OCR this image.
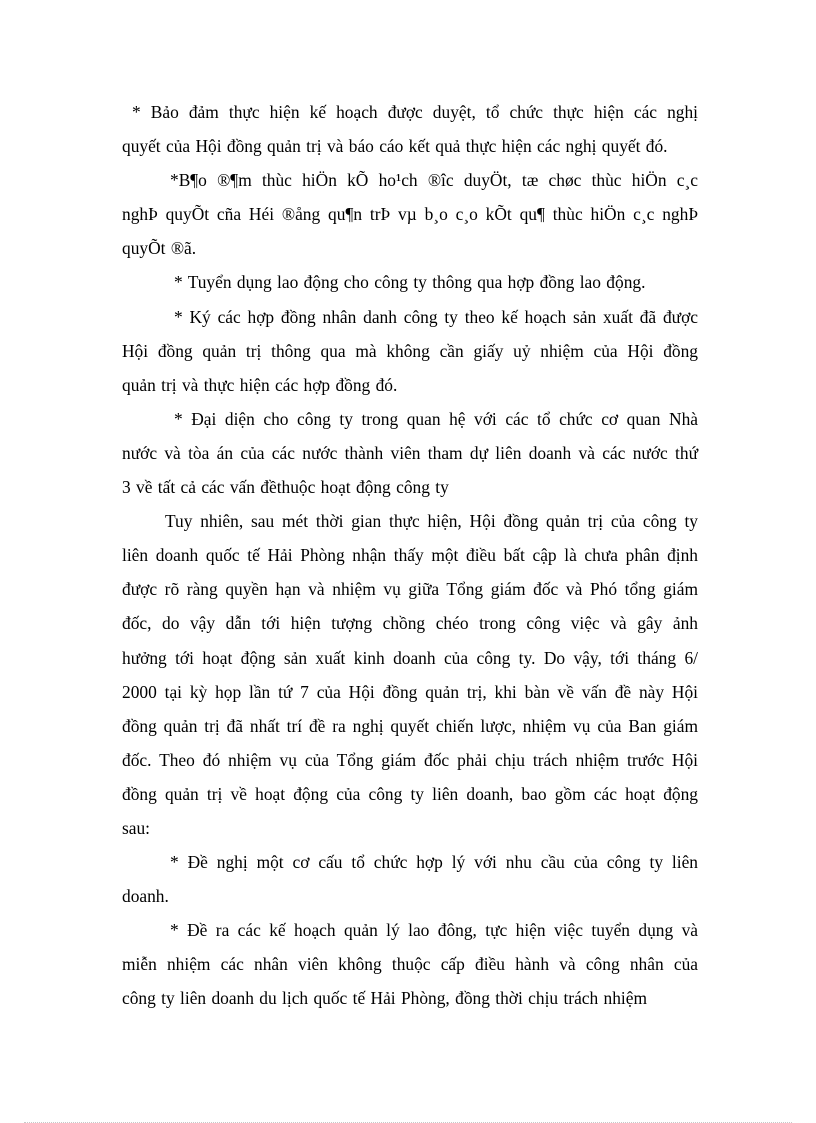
* Bảo đảm thực hiện kế hoạch được duyệt, tổ chức thực hiện các nghị
quyết của Hội đồng quản trị và báo cáo kết quả thực hiện các nghị quyết đó.

*B¶o ®¶m thùc hiÖn kÕ ho¹ch ®îc duyÖt, tæ chøc thùc hiÖn c¸c
nghÞ quyÕt cña Héi ®ång qu¶n trÞ vµ b¸o c¸o kÕt qu¶ thùc hiÖn c¸c nghÞ
quyÕt ®ã.

* Tuyển dụng lao động cho công ty thông qua hợp đồng lao động.

* Ký các hợp đồng nhân danh công ty theo kế hoạch sản xuất đã được
Hội đồng quản trị thông qua mà không cần giấy uỷ nhiệm của Hội đồng
quản trị và thực hiện các hợp đồng đó.

* Đại diện cho công ty trong quan hệ với các tổ chức cơ quan Nhà
nước và tòa án của các nước thành viên tham dự liên doanh và các nước thứ
3 về tất cả các vấn đềthuộc hoạt động công ty

Tuy nhiên, sau mét thời gian thực hiện, Hội đồng quản trị của công ty
liên doanh quốc tế Hải Phòng nhận thấy một điều bất cập là chưa phân định
được rõ ràng quyền hạn và nhiệm vụ giữa Tổng giám đốc và Phó tổng giám
đốc, do vậy dẫn tới hiện tượng chồng chéo trong công việc và gây ảnh
hưởng tới hoạt động sản xuất kinh doanh của công ty. Do vậy, tới tháng 6/
2000 tại kỳ họp lần tứ 7 của Hội đồng quản trị, khi bàn về vấn đề này Hội
đồng quản trị đã nhất trí đề ra nghị quyết chiến lược, nhiệm vụ của Ban giám
đốc. Theo đó nhiệm vụ của Tổng giám đốc phải chịu trách nhiệm trước Hội
đồng quản trị về hoạt động của công ty liên doanh, bao gồm các hoạt động
sau:

* Đề nghị một cơ cấu tổ chức hợp lý với nhu cầu của công ty liên
doanh.

* Đề ra các kế hoạch quản lý lao đông, tực hiện việc tuyển dụng và
miễn nhiệm các nhân viên không thuộc cấp điều hành và công nhân của
công ty liên doanh du lịch quốc tế Hải Phòng, đồng thời chịu trách nhiệm
